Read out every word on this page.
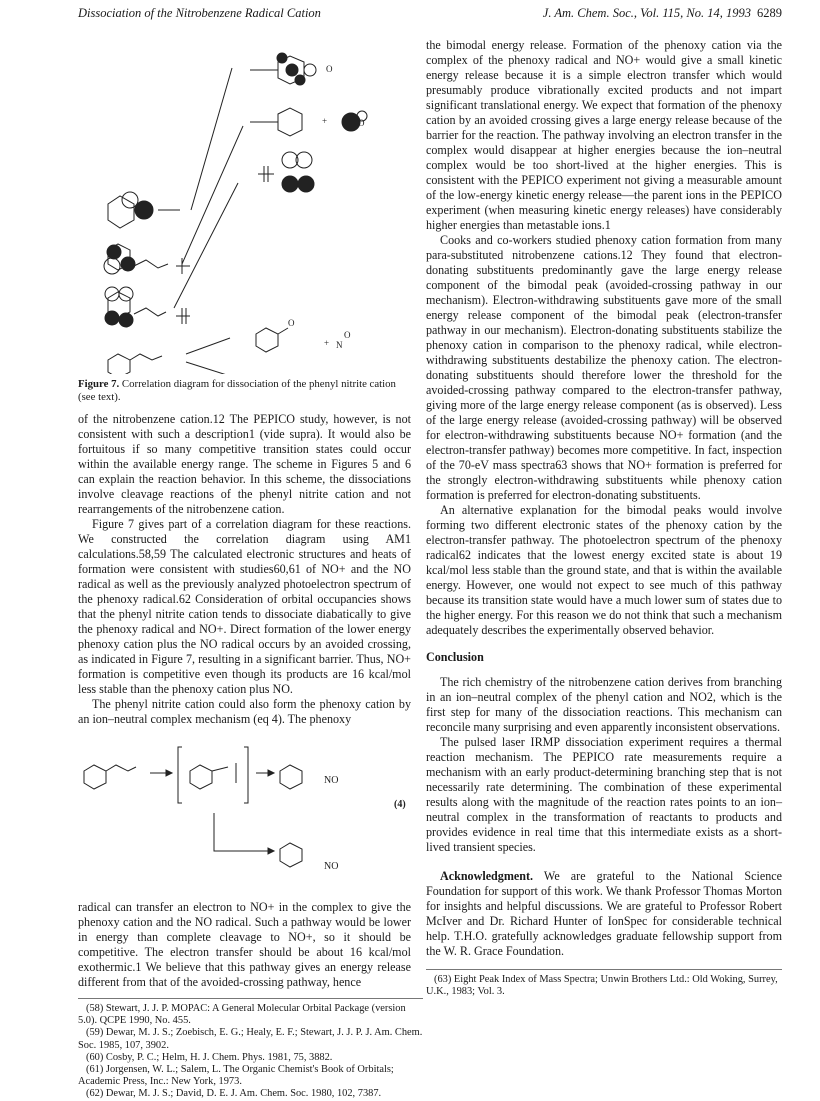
Dissociation of the Nitrobenzene Radical Cation	J. Am. Chem. Soc., Vol. 115, No. 14, 1993 6289
O
+ N
O
O
+	O
Figure 7. Correlation diagram for dissociation of the phenyl nitrite cation (see text).

of the nitrobenzene cation.12 The PEPICO study, however, is not consistent with such a description1 (vide supra). It would also be fortuitous if so many competitive transition states could occur within the available energy range. The scheme in Figures 5 and 6 can explain the reaction behavior. In this scheme, the dissociations involve cleavage reactions of the phenyl nitrite cation and not rearrangements of the nitrobenzene cation.

Figure 7 gives part of a correlation diagram for these reactions. We constructed the correlation diagram using AM1 calculations.58,59 The calculated electronic structures and heats of formation were consistent with studies60,61 of NO+ and the NO radical as well as the previously analyzed photoelectron spectrum of the phenoxy radical.62 Consideration of orbital occupancies shows that the phenyl nitrite cation tends to dissociate diabatically to give the phenoxy radical and NO+. Direct formation of the lower energy phenoxy cation plus the NO radical occurs by an avoided crossing, as indicated in Figure 7, resulting in a significant barrier. Thus, NO+ formation is competitive even though its products are 16 kcal/mol less stable than the phenoxy cation plus NO.

The phenyl nitrite cation could also form the phenoxy cation by an ion–neutral complex mechanism (eq 4). The phenoxy

NO
(4)
NO

radical can transfer an electron to NO+ in the complex to give the phenoxy cation and the NO radical. Such a pathway would be lower in energy than complete cleavage to NO+, so it should be competitive. The electron transfer should be about 16 kcal/mol exothermic.1 We believe that this pathway gives an energy release different from that of the avoided-crossing pathway, hence

(58) Stewart, J. J. P. MOPAC: A General Molecular Orbital Package (version 5.0). QCPE 1990, No. 455.
(59) Dewar, M. J. S.; Zoebisch, E. G.; Healy, E. F.; Stewart, J. J. P. J. Am. Chem. Soc. 1985, 107, 3902.
(60) Cosby, P. C.; Helm, H. J. Chem. Phys. 1981, 75, 3882.
(61) Jorgensen, W. L.; Salem, L. The Organic Chemist's Book of Orbitals; Academic Press, Inc.: New York, 1973.
(62) Dewar, M. J. S.; David, D. E. J. Am. Chem. Soc. 1980, 102, 7387.

the bimodal energy release. Formation of the phenoxy cation via the complex of the phenoxy radical and NO+ would give a small kinetic energy release because it is a simple electron transfer which would presumably produce vibrationally excited products and not impart significant translational energy. We expect that formation of the phenoxy cation by an avoided crossing gives a large energy release because of the barrier for the reaction. The pathway involving an electron transfer in the complex would disappear at higher energies because the ion–neutral complex would be too short-lived at the higher energies. This is consistent with the PEPICO experiment not giving a measurable amount of the low-energy kinetic energy release—the parent ions in the PEPICO experiment (when measuring kinetic energy releases) have considerably higher energies than metastable ions.1

Cooks and co-workers studied phenoxy cation formation from many para-substituted nitrobenzene cations.12 They found that electron-donating substituents predominantly gave the large energy release component of the bimodal peak (avoided-crossing pathway in our mechanism). Electron-withdrawing substituents gave more of the small energy release component of the bimodal peak (electron-transfer pathway in our mechanism). Electron-donating substituents stabilize the phenoxy cation in comparison to the phenoxy radical, while electron-withdrawing substituents destabilize the phenoxy cation. The electron-donating substituents should therefore lower the threshold for the avoided-crossing pathway compared to the electron-transfer pathway, giving more of the large energy release component (as is observed). Less of the large energy release (avoided-crossing pathway) will be observed for electron-withdrawing substituents because NO+ formation (and the electron-transfer pathway) becomes more competitive. In fact, inspection of the 70-eV mass spectra63 shows that NO+ formation is preferred for the strongly electron-withdrawing substituents while phenoxy cation formation is preferred for electron-donating substituents.

An alternative explanation for the bimodal peaks would involve forming two different electronic states of the phenoxy cation by the electron-transfer pathway. The photoelectron spectrum of the phenoxy radical62 indicates that the lowest energy excited state is about 19 kcal/mol less stable than the ground state, and that is within the available energy. However, one would not expect to see much of this pathway because its transition state would have a much lower sum of states due to the higher energy. For this reason we do not think that such a mechanism adequately describes the experimentally observed behavior.

Conclusion

The rich chemistry of the nitrobenzene cation derives from branching in an ion–neutral complex of the phenyl cation and NO2, which is the first step for many of the dissociation reactions. This mechanism can reconcile many surprising and even apparently inconsistent observations.

The pulsed laser IRMP dissociation experiment requires a thermal reaction mechanism. The PEPICO rate measurements require a mechanism with an early product-determining branching step that is not necessarily rate determining. The combination of these experimental results along with the magnitude of the reaction rates points to an ion–neutral complex in the transformation of reactants to products and provides evidence in real time that this intermediate exists as a short-lived transient species.

Acknowledgment. We are grateful to the National Science Foundation for support of this work. We thank Professor Thomas Morton for insights and helpful discussions. We are grateful to Professor Robert McIver and Dr. Richard Hunter of IonSpec for considerable technical help. T.H.O. gratefully acknowledges graduate fellowship support from the W. R. Grace Foundation.

(63) Eight Peak Index of Mass Spectra; Unwin Brothers Ltd.: Old Woking, Surrey, U.K., 1983; Vol. 3.
